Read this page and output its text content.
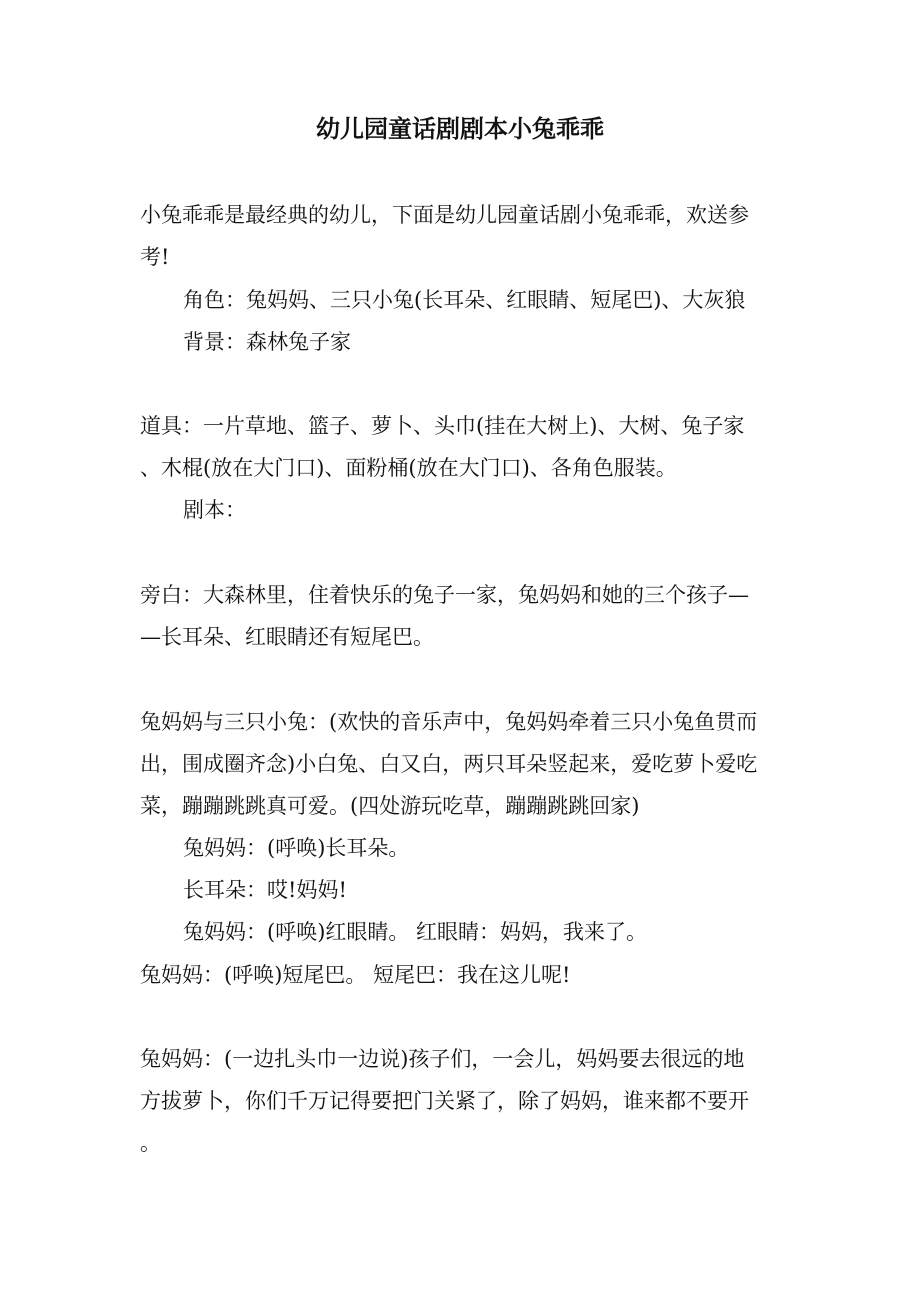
幼儿园童话剧剧本小兔乖乖

小兔乖乖是最经典的幼儿，下面是幼儿园童话剧小兔乖乖，欢送参

考!

角色：兔妈妈、三只小兔(长耳朵、红眼睛、短尾巴)、大灰狼

背景：森林兔子家

道具：一片草地、篮子、萝卜、头巾(挂在大树上)、大树、兔子家

、木棍(放在大门口)、面粉桶(放在大门口)、各角色服装。

剧本：

旁白：大森林里，住着快乐的兔子一家，兔妈妈和她的三个孩子—

—长耳朵、红眼睛还有短尾巴。

兔妈妈与三只小兔：(欢快的音乐声中，兔妈妈牵着三只小兔鱼贯而

出，围成圈齐念)小白兔、白又白，两只耳朵竖起来，爱吃萝卜爱吃

菜，蹦蹦跳跳真可爱。(四处游玩吃草，蹦蹦跳跳回家)

兔妈妈：(呼唤)长耳朵。

长耳朵：哎!妈妈!

兔妈妈：(呼唤)红眼睛。 红眼睛：妈妈，我来了。

兔妈妈：(呼唤)短尾巴。 短尾巴：我在这儿呢!

兔妈妈：(一边扎头巾一边说)孩子们，一会儿，妈妈要去很远的地

方拔萝卜，你们千万记得要把门关紧了，除了妈妈，谁来都不要开

。
